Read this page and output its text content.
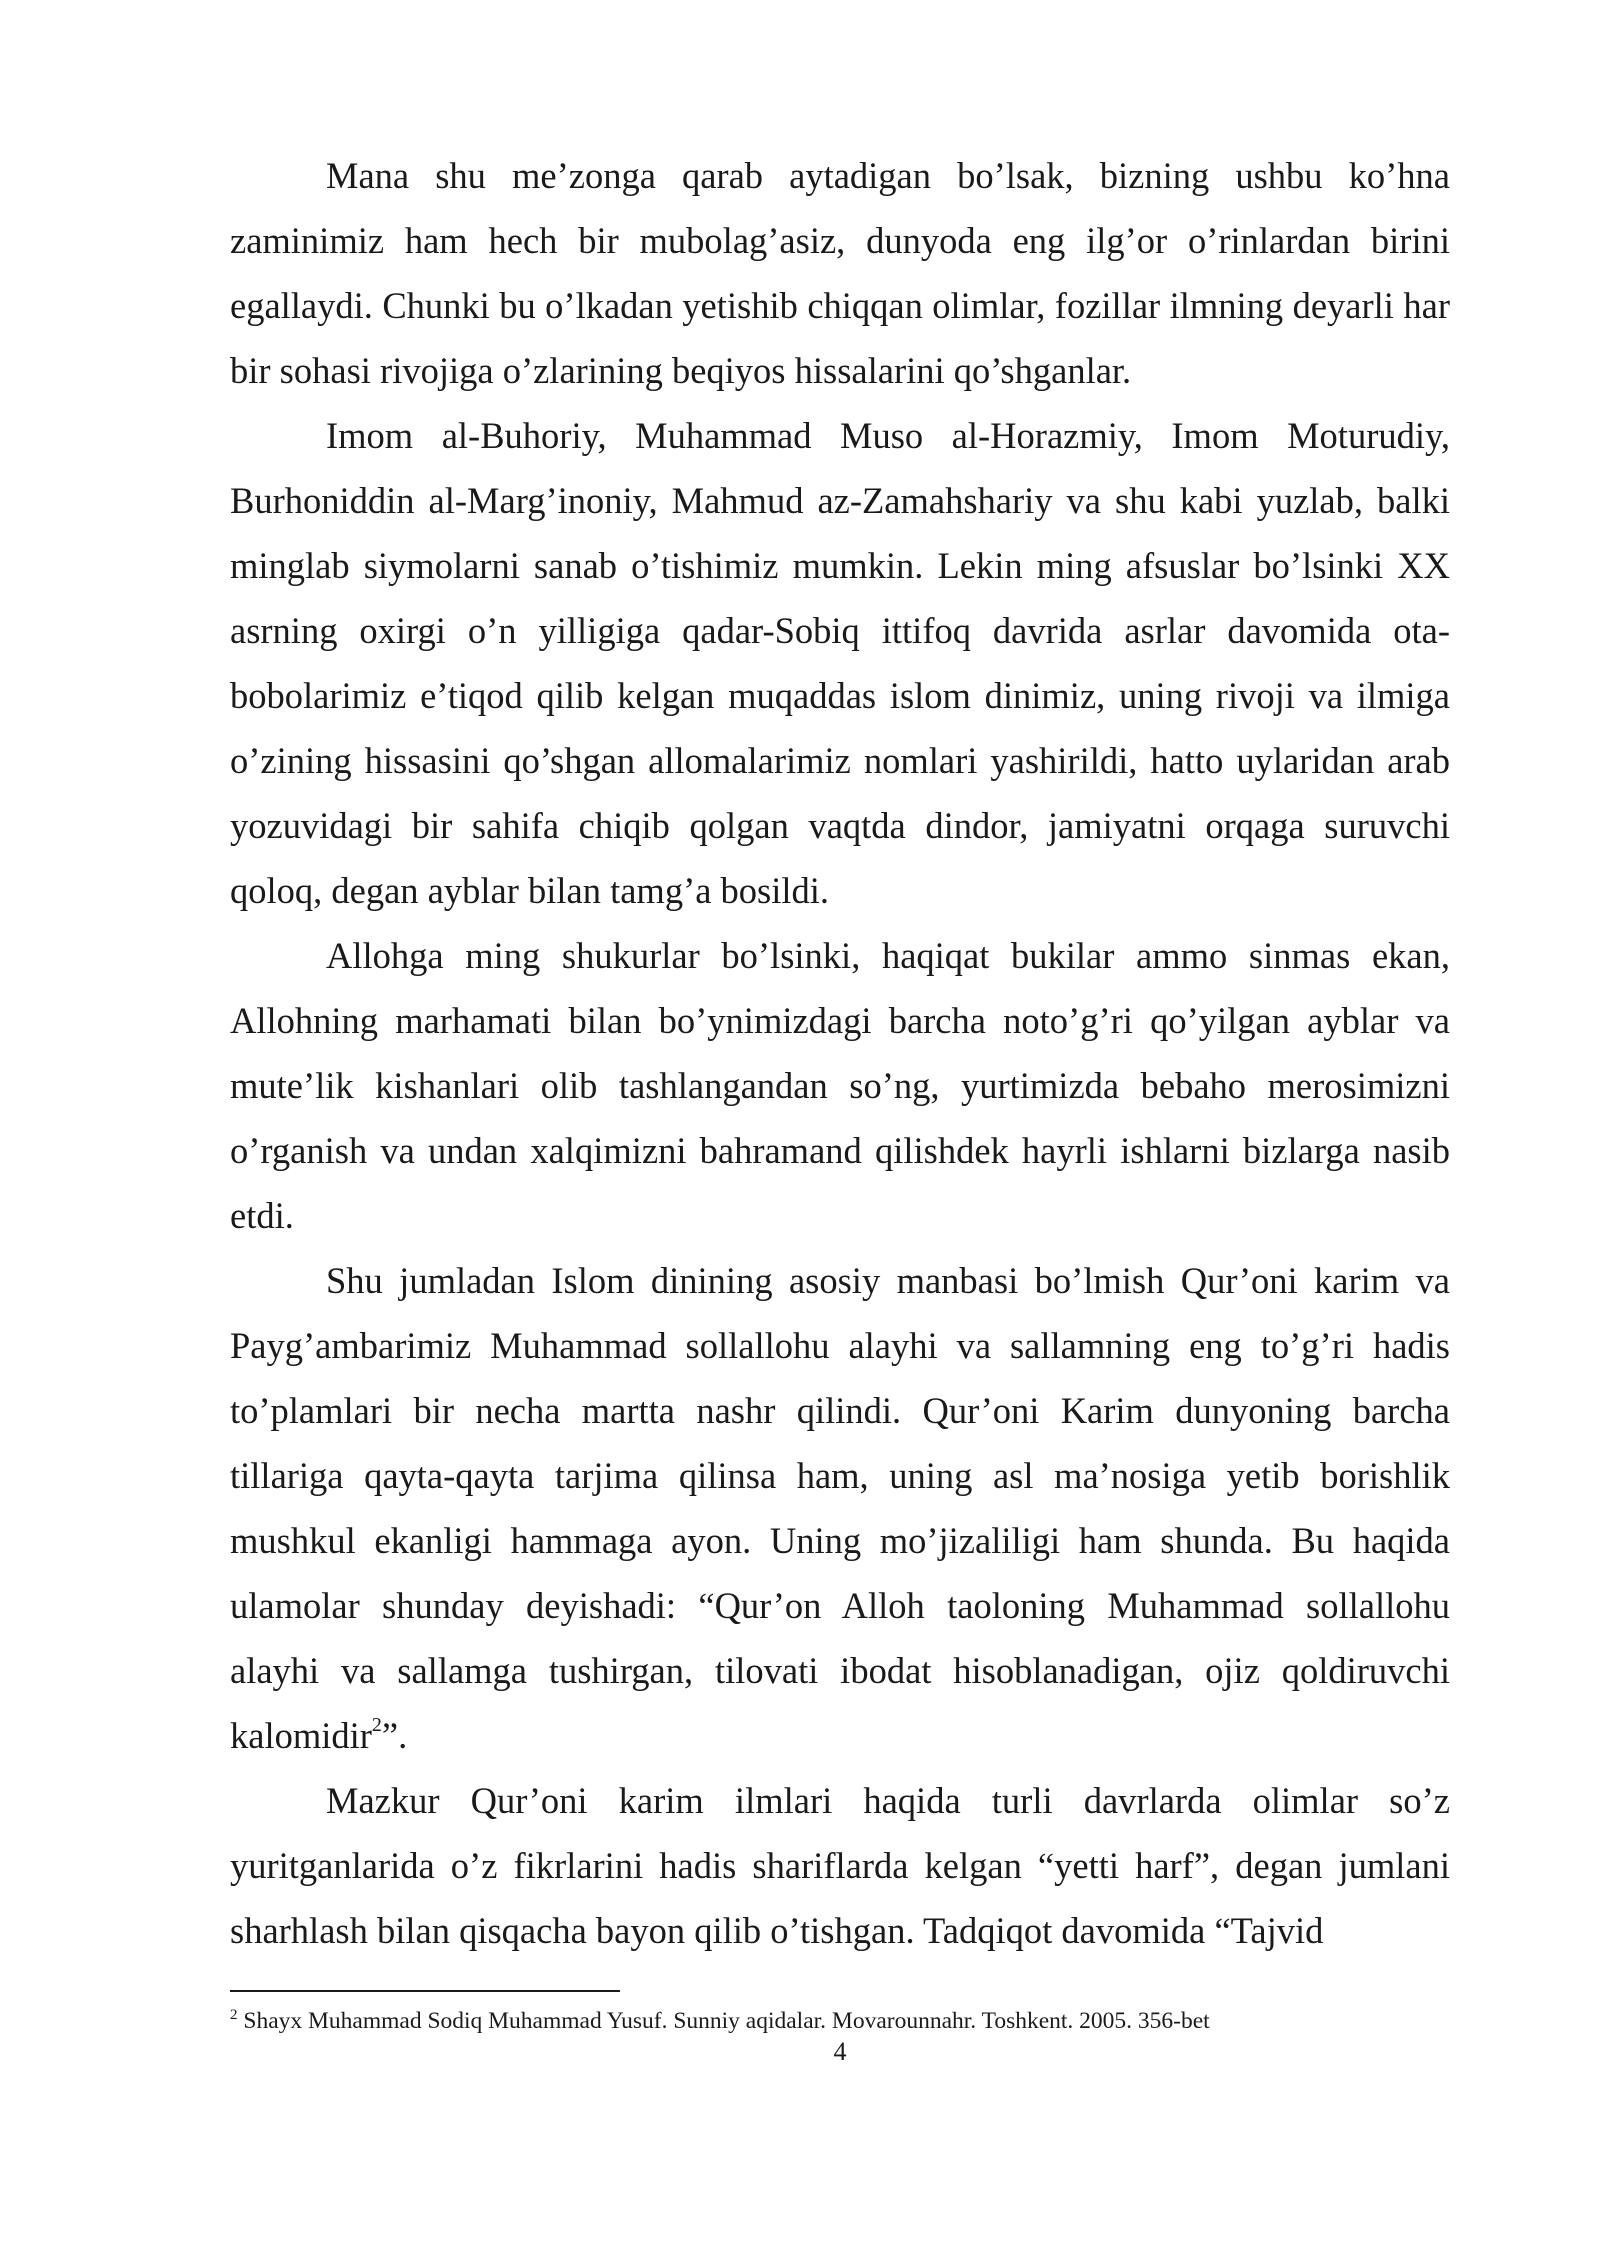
Mana shu me’zonga qarab aytadigan bo’lsak, bizning ushbu ko’hna zaminimiz ham hech bir mubolag’asiz, dunyoda eng ilg’or o’rinlardan birini egallaydi. Chunki bu o’lkadan yetishib chiqqan olimlar, fozillar ilmning deyarli har bir sohasi rivojiga o’zlarining beqiyos hissalarini qo’shganlar.

Imom al-Buhoriy, Muhammad Muso al-Horazmiy, Imom Moturudiy, Burhoniddin al-Marg’inoniy, Mahmud az-Zamahshariy va shu kabi yuzlab, balki minglab siymolarni sanab o’tishimiz mumkin. Lekin ming afsuslar bo’lsinki XX asrning oxirgi o’n yilligiga qadar-Sobiq ittifoq davrida asrlar davomida ota-bobolarimiz e’tiqod qilib kelgan muqaddas islom dinimiz, uning rivoji va ilmiga o’zining hissasini qo’shgan allomalarimiz nomlari yashirildi, hatto uylaridan arab yozuvidagi bir sahifa chiqib qolgan vaqtda dindor, jamiyatni orqaga suruvchi qoloq, degan ayblar bilan tamg’a bosildi.

Allohga ming shukurlar bo’lsinki, haqiqat bukilar ammo sinmas ekan, Allohning marhamati bilan bo’ynimizdagi barcha noto’g’ri qo’yilgan ayblar va mute’lik kishanlari olib tashlangandan so’ng, yurtimizda bebaho merosimizni o’rganish va undan xalqimizni bahramand qilishdek hayrli ishlarni bizlarga nasib etdi.

Shu jumladan Islom dinining asosiy manbasi bo’lmish Qur’oni karim va Payg’ambarimiz Muhammad sollallohu alayhi va sallamning eng to’g’ri hadis to’plamlari bir necha martta nashr qilindi. Qur’oni Karim dunyoning barcha tillariga qayta-qayta tarjima qilinsa ham, uning asl ma’nosiga yetib borishlik mushkul ekanligi hammaga ayon. Uning mo’jizaliligi ham shunda. Bu haqida ulamolar shunday deyishadi: “Qur’on Alloh taoloning Muhammad sollallohu alayhi va sallamga tushirgan, tilovati ibodat hisoblanadigan, ojiz qoldiruvchi kalomidir$^2$”.

Mazkur Qur’oni karim ilmlari haqida turli davrlarda olimlar so’z yuritganlarida o’z fikrlarini hadis shariflarda kelgan “yetti harf”, degan jumlani sharhlash bilan qisqacha bayon qilib o’tishgan. Tadqiqot davomida “Tajvid

$^2$ Shayx Muhammad Sodiq Muhammad Yusuf. Sunniy aqidalar. Movarounnahr. Toshkent. 2005. 356-bet
4
